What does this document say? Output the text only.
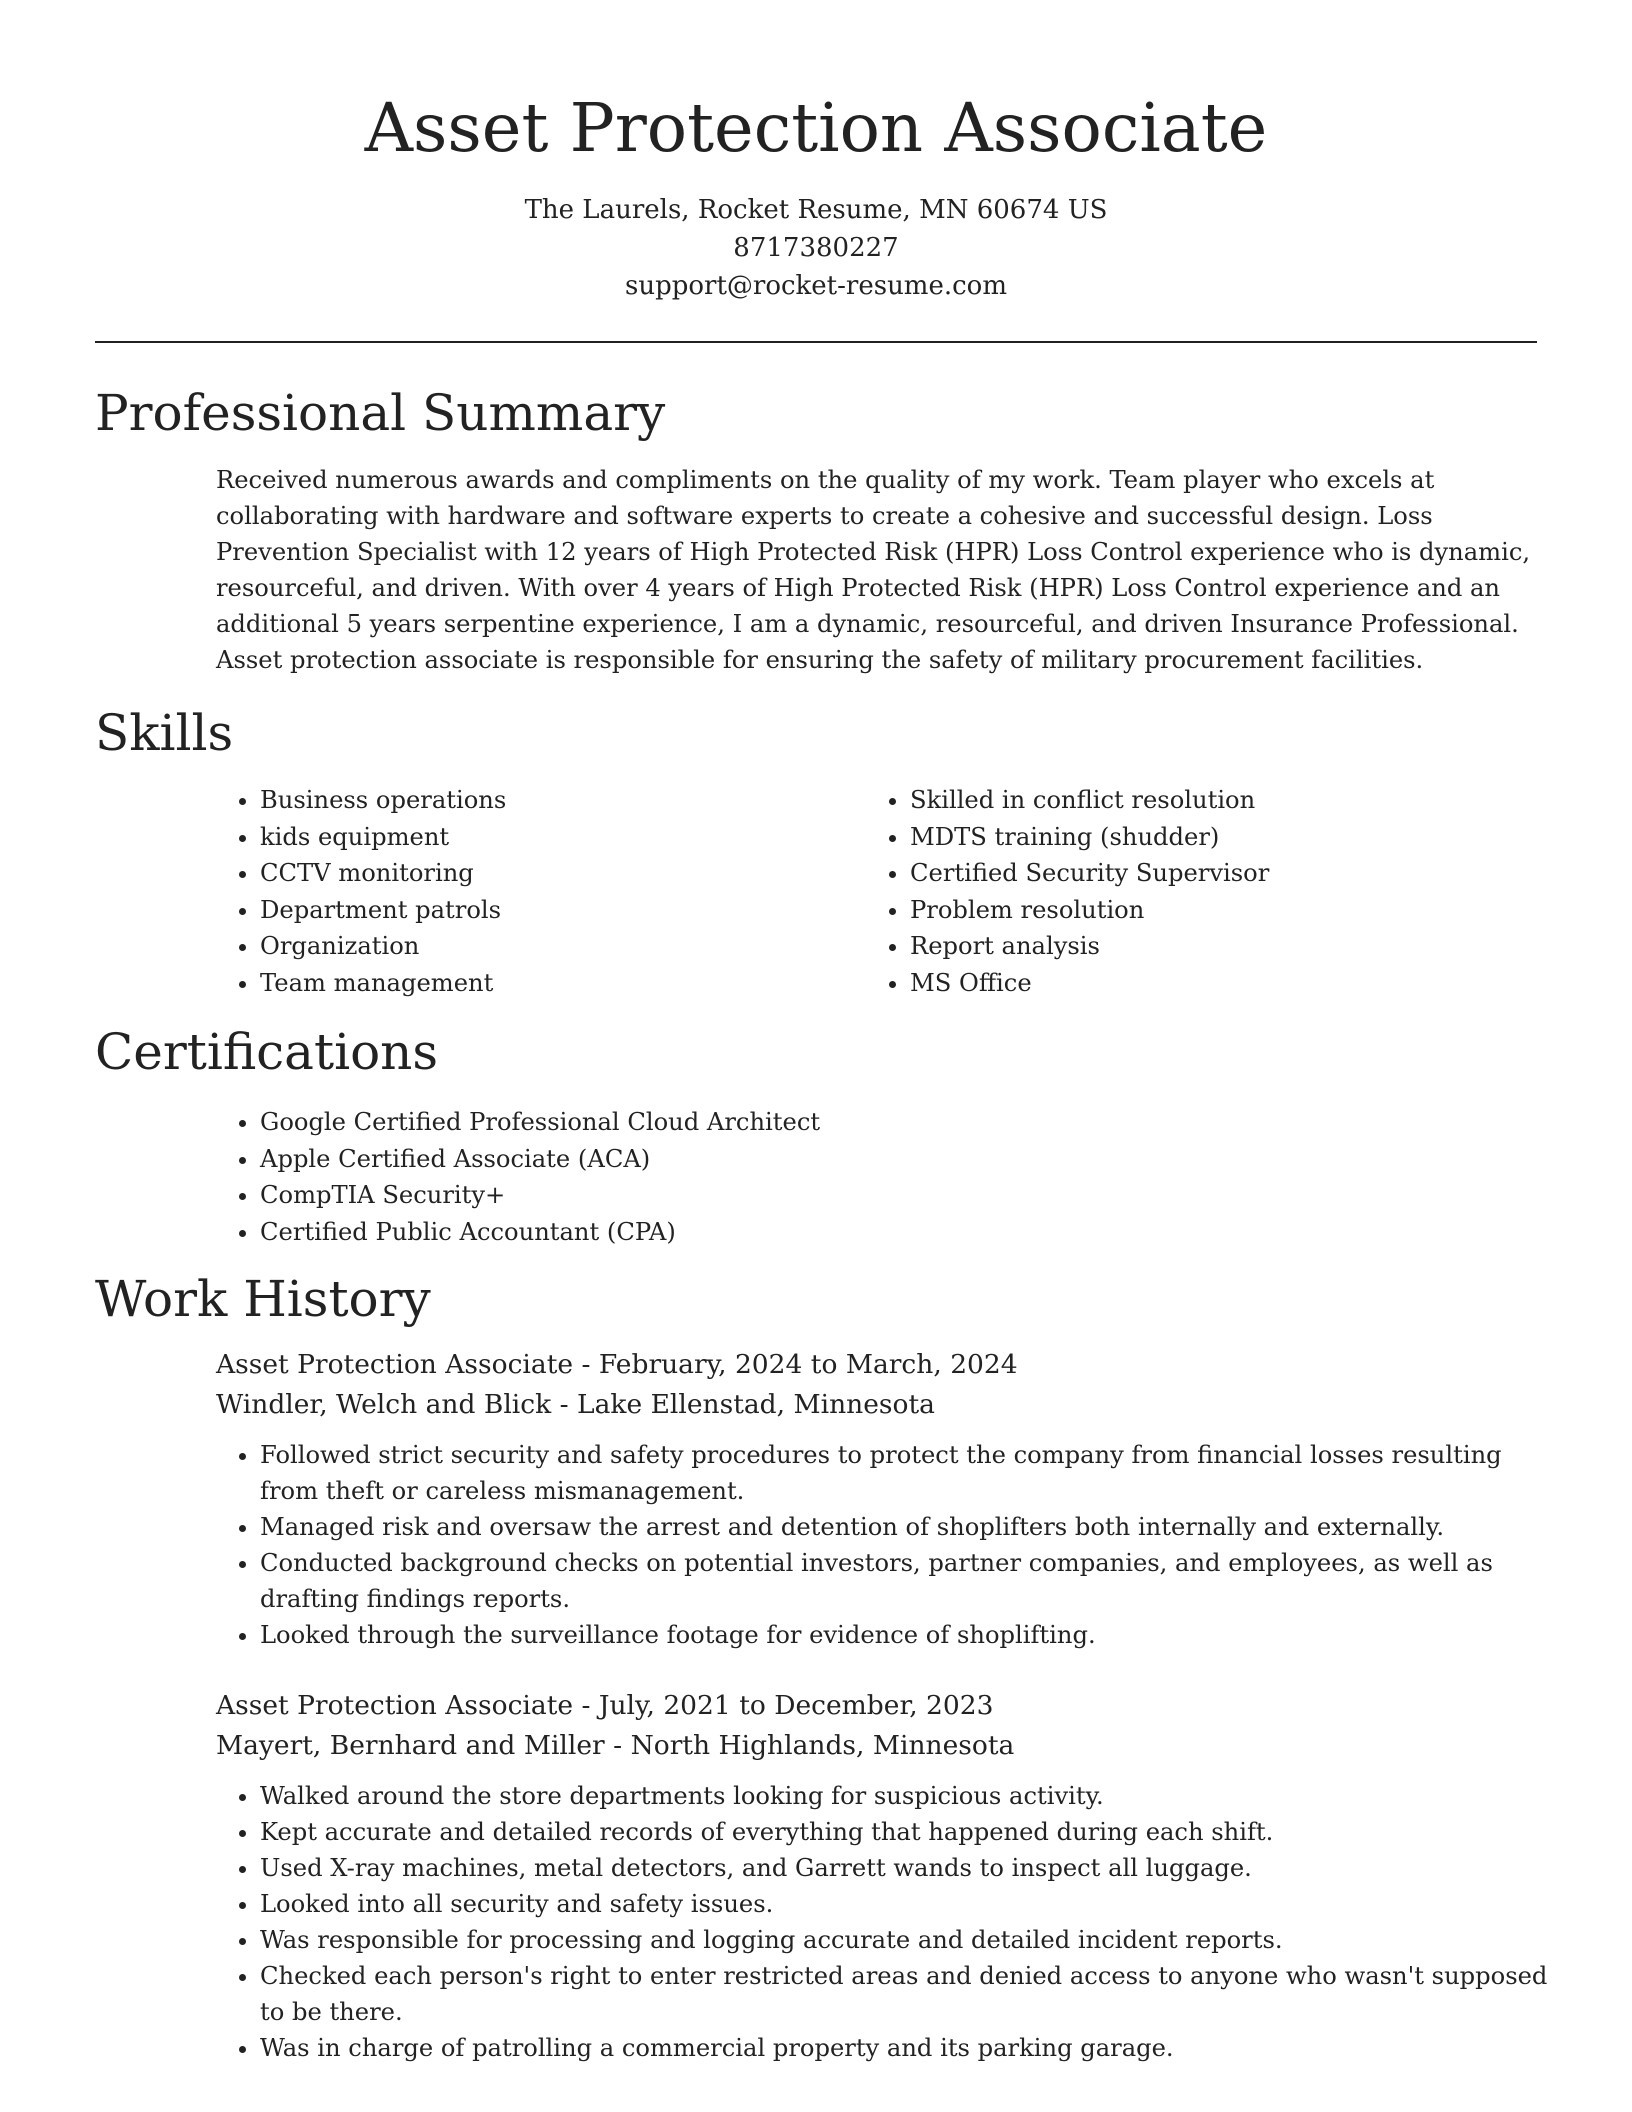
Asset Protection Associate
The Laurels, Rocket Resume, MN 60674 US
8717380227
support@rocket-resume.com
Professional Summary

Received numerous awards and compliments on the quality of my work. Team player who excels at collaborating with hardware and software experts to create a cohesive and successful design. Loss Prevention Specialist with 12 years of High Protected Risk (HPR) Loss Control experience who is dynamic, resourceful, and driven. With over 4 years of High Protected Risk (HPR) Loss Control experience and an additional 5 years serpentine experience, I am a dynamic, resourceful, and driven Insurance Professional. Asset protection associate is responsible for ensuring the safety of military procurement facilities.

Skills
• Business operations
• kids equipment
• CCTV monitoring
• Department patrols
• Organization
• Team management
• Skilled in conflict resolution
• MDTS training (shudder)
• Certified Security Supervisor
• Problem resolution
• Report analysis
• MS Office
Certifications
• Google Certified Professional Cloud Architect
• Apple Certified Associate (ACA)
• CompTIA Security+
• Certified Public Accountant (CPA)
Work History
Asset Protection Associate - February, 2024 to March, 2024
Windler, Welch and Blick - Lake Ellenstad, Minnesota
• Followed strict security and safety procedures to protect the company from financial losses resulting from theft or careless mismanagement.
• Managed risk and oversaw the arrest and detention of shoplifters both internally and externally.
• Conducted background checks on potential investors, partner companies, and employees, as well as drafting findings reports.
• Looked through the surveillance footage for evidence of shoplifting.
Asset Protection Associate - July, 2021 to December, 2023
Mayert, Bernhard and Miller - North Highlands, Minnesota
• Walked around the store departments looking for suspicious activity.
• Kept accurate and detailed records of everything that happened during each shift.
• Used X-ray machines, metal detectors, and Garrett wands to inspect all luggage.
• Looked into all security and safety issues.
• Was responsible for processing and logging accurate and detailed incident reports.
• Checked each person's right to enter restricted areas and denied access to anyone who wasn't supposed to be there.
• Was in charge of patrolling a commercial property and its parking garage.
